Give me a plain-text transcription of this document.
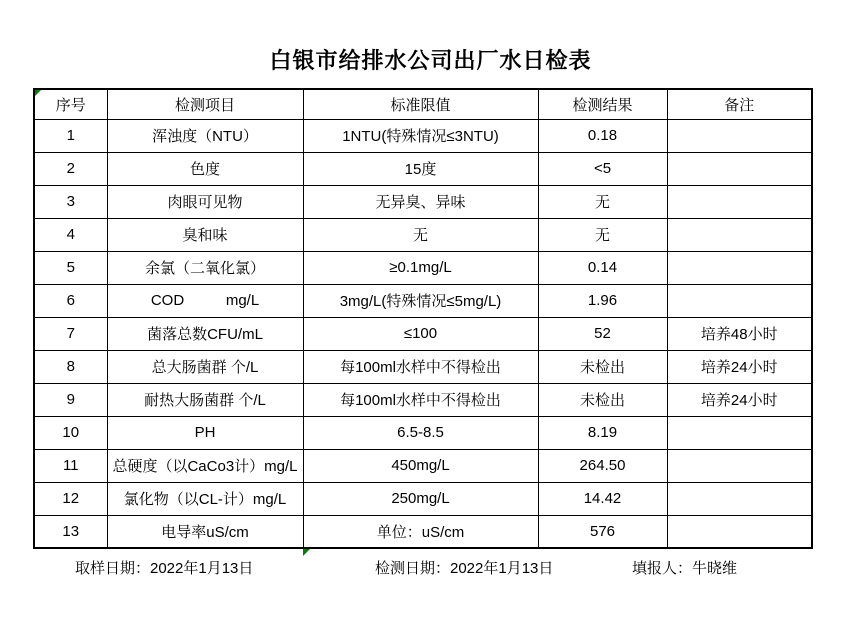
白银市给排水公司出厂水日检表
序号	检测项目	标准限值	检测结果	备注
1	浑浊度（NTU）	1NTU(特殊情况≤3NTU)	0.18	
2	色度	15度	<5	
3	肉眼可见物	无异臭、异味	无	
4	臭和味	无	无	
5	余氯（二氧化氯）	≥0.1mg/L	0.14	
6	COD          mg/L	3mg/L(特殊情况≤5mg/L)	1.96	
7	菌落总数CFU/mL	≤100	52	培养48小时
8	总大肠菌群 个/L	每100ml水样中不得检出	未检出	培养24小时
9	耐热大肠菌群 个/L	每100ml水样中不得检出	未检出	培养24小时
10	PH	6.5-8.5	8.19	
11	总硬度（以CaCo3计）mg/L	450mg/L	264.50	
12	氯化物（以CL-计）mg/L	250mg/L	14.42	
13	电导率uS/cm	单位：uS/cm	576	
取样日期：2022年1月13日	检测日期：2022年1月13日	填报人：牛晓维
